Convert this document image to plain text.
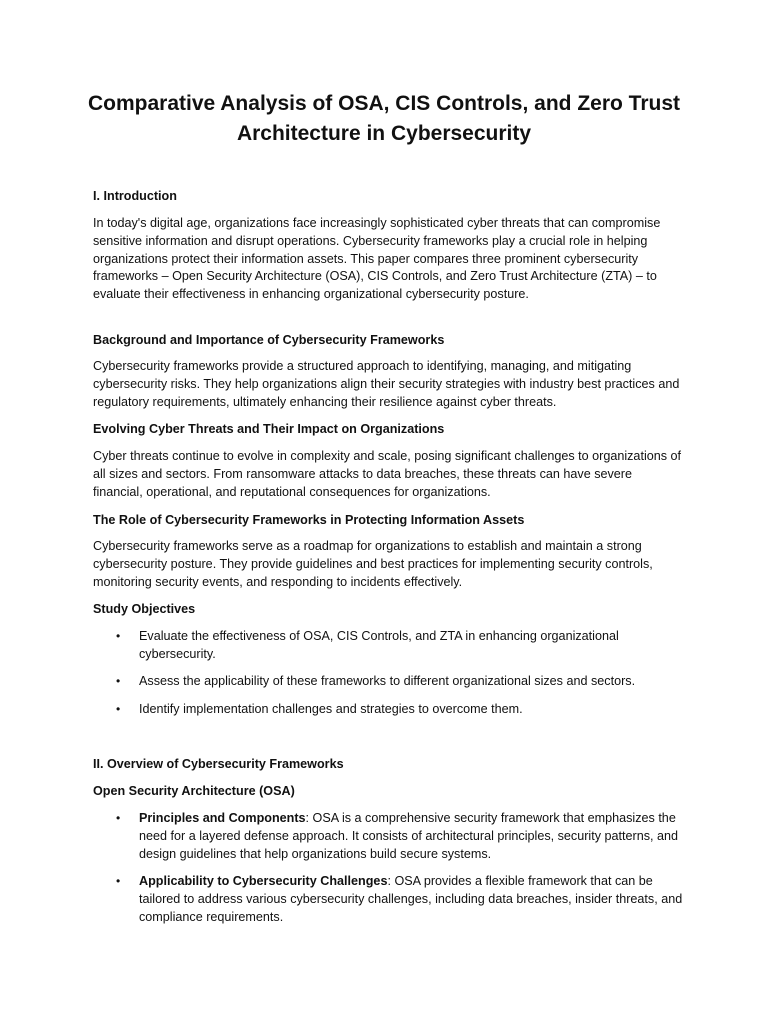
Comparative Analysis of OSA, CIS Controls, and Zero Trust Architecture in Cybersecurity
I. Introduction

In today's digital age, organizations face increasingly sophisticated cyber threats that can compromise sensitive information and disrupt operations. Cybersecurity frameworks play a crucial role in helping organizations protect their information assets. This paper compares three prominent cybersecurity frameworks – Open Security Architecture (OSA), CIS Controls, and Zero Trust Architecture (ZTA) – to evaluate their effectiveness in enhancing organizational cybersecurity posture.

Background and Importance of Cybersecurity Frameworks

Cybersecurity frameworks provide a structured approach to identifying, managing, and mitigating cybersecurity risks. They help organizations align their security strategies with industry best practices and regulatory requirements, ultimately enhancing their resilience against cyber threats.

Evolving Cyber Threats and Their Impact on Organizations

Cyber threats continue to evolve in complexity and scale, posing significant challenges to organizations of all sizes and sectors. From ransomware attacks to data breaches, these threats can have severe financial, operational, and reputational consequences for organizations.

The Role of Cybersecurity Frameworks in Protecting Information Assets

Cybersecurity frameworks serve as a roadmap for organizations to establish and maintain a strong cybersecurity posture. They provide guidelines and best practices for implementing security controls, monitoring security events, and responding to incidents effectively.

Study Objectives
• Evaluate the effectiveness of OSA, CIS Controls, and ZTA in enhancing organizational cybersecurity.
• Assess the applicability of these frameworks to different organizational sizes and sectors.
• Identify implementation challenges and strategies to overcome them.
II. Overview of Cybersecurity Frameworks
Open Security Architecture (OSA)
• Principles and Components: OSA is a comprehensive security framework that emphasizes the need for a layered defense approach. It consists of architectural principles, security patterns, and design guidelines that help organizations build secure systems.
• Applicability to Cybersecurity Challenges: OSA provides a flexible framework that can be tailored to address various cybersecurity challenges, including data breaches, insider threats, and compliance requirements.
